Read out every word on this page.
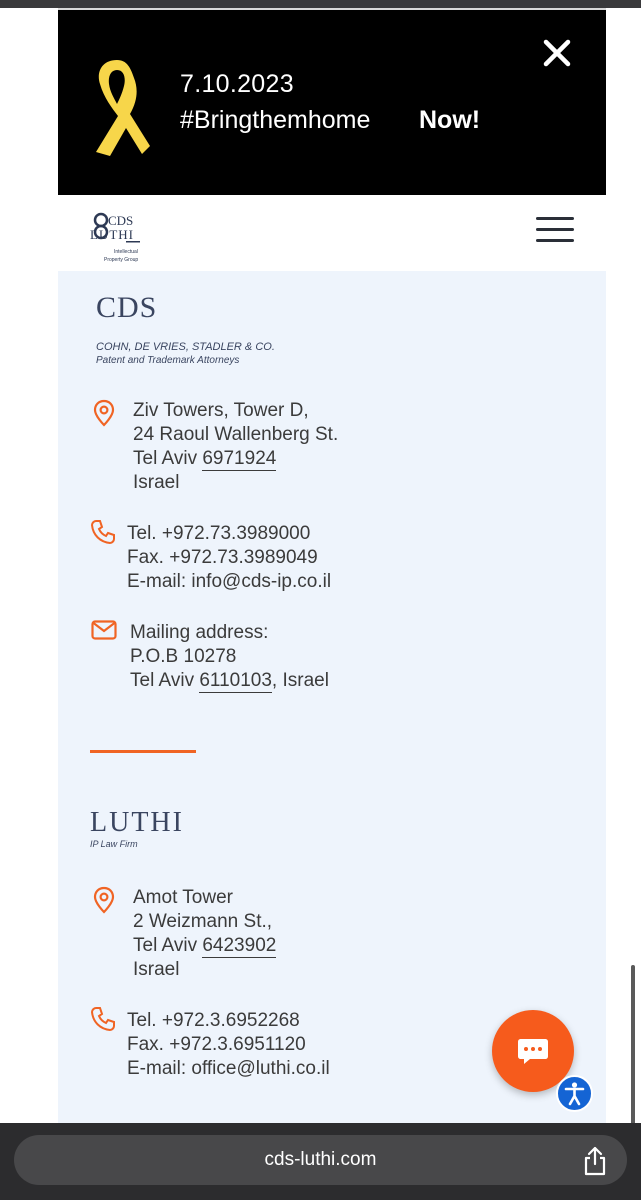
7.10.2023
#Bringthemhome Now!
CDS
LUTHI
Intellectual
Property Group
CDS
COHN, DE VRIES, STADLER & CO.
Patent and Trademark Attorneys
Ziv Towers, Tower D,
24 Raoul Wallenberg St.
Tel Aviv 6971924
Israel
Tel. +972.73.3989000
Fax. +972.73.3989049
E-mail: info@cds-ip.co.il
Mailing address:
P.O.B 10278
Tel Aviv 6110103, Israel
LUTHI
IP Law Firm
Amot Tower
2 Weizmann St.,
Tel Aviv 6423902
Israel
Tel. +972.3.6952268
Fax. +972.3.6951120
E-mail: office@luthi.co.il
cds-luthi.com
